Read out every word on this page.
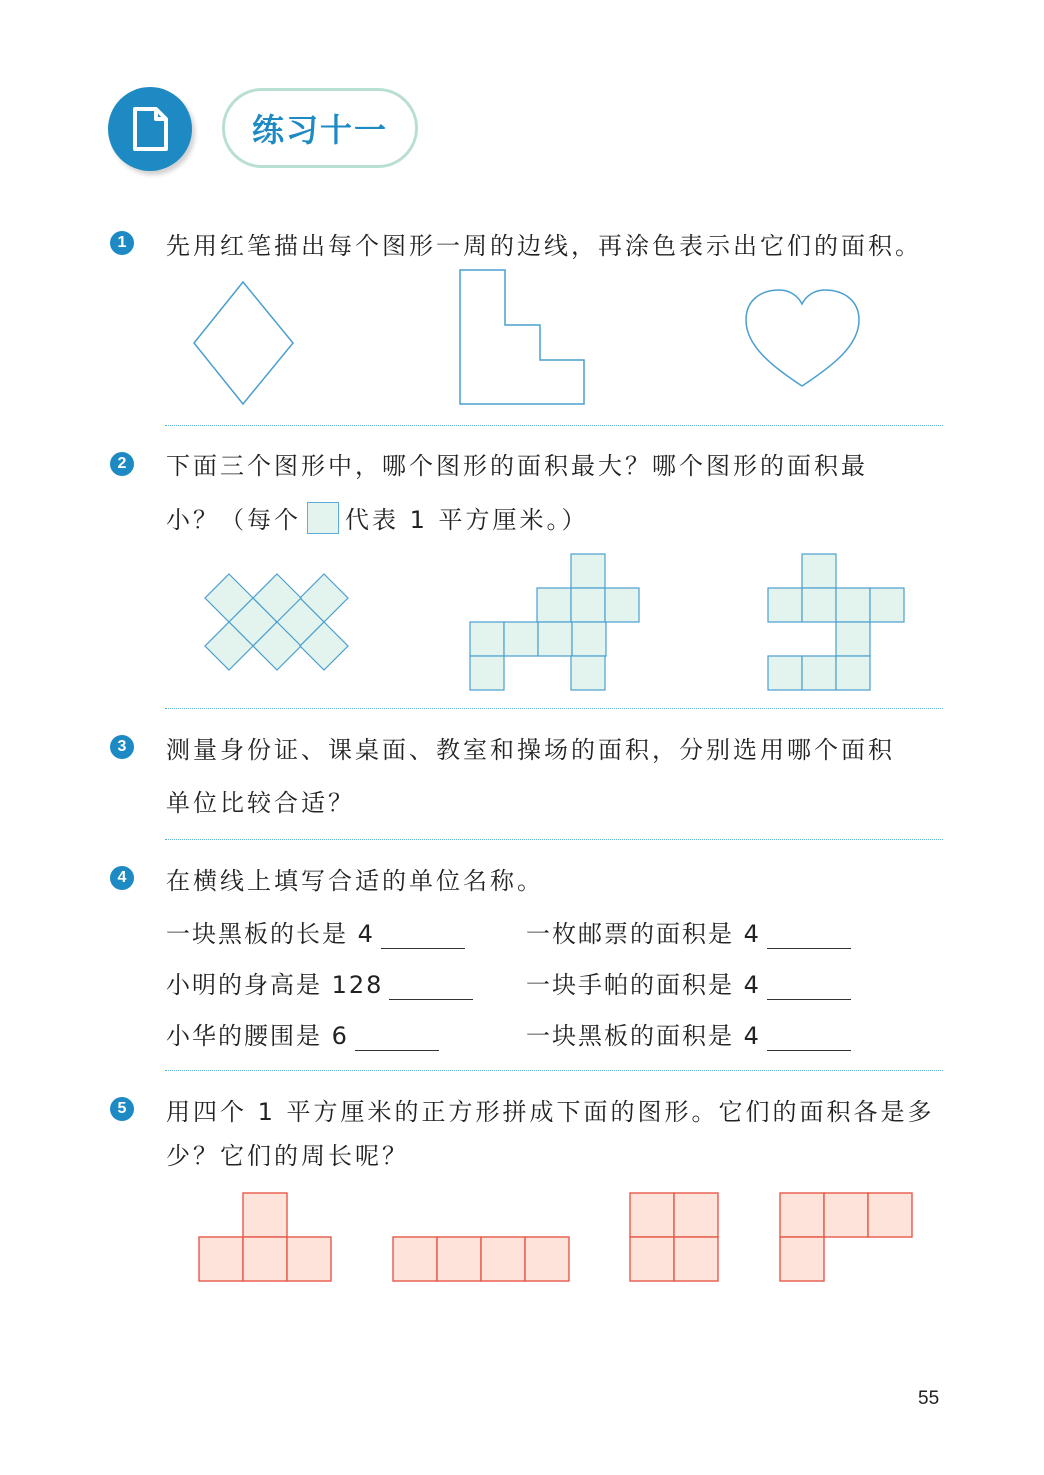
练习十一
1	先用红笔描出每个图形一周的边线，再涂色表示出它们的面积。
2	下面三个图形中，哪个图形的面积最大？哪个图形的面积最
小？（每个 代表 1 平方厘米。）
3	测量身份证、课桌面、教室和操场的面积，分别选用哪个面积
单位比较合适？
4	在横线上填写合适的单位名称。
一块黑板的长是 4	一枚邮票的面积是 4
小明的身高是 128	一块手帕的面积是 4
小华的腰围是 6	一块黑板的面积是 4
5	用四个 1 平方厘米的正方形拼成下面的图形。它们的面积各是多
少？它们的周长呢？
55
